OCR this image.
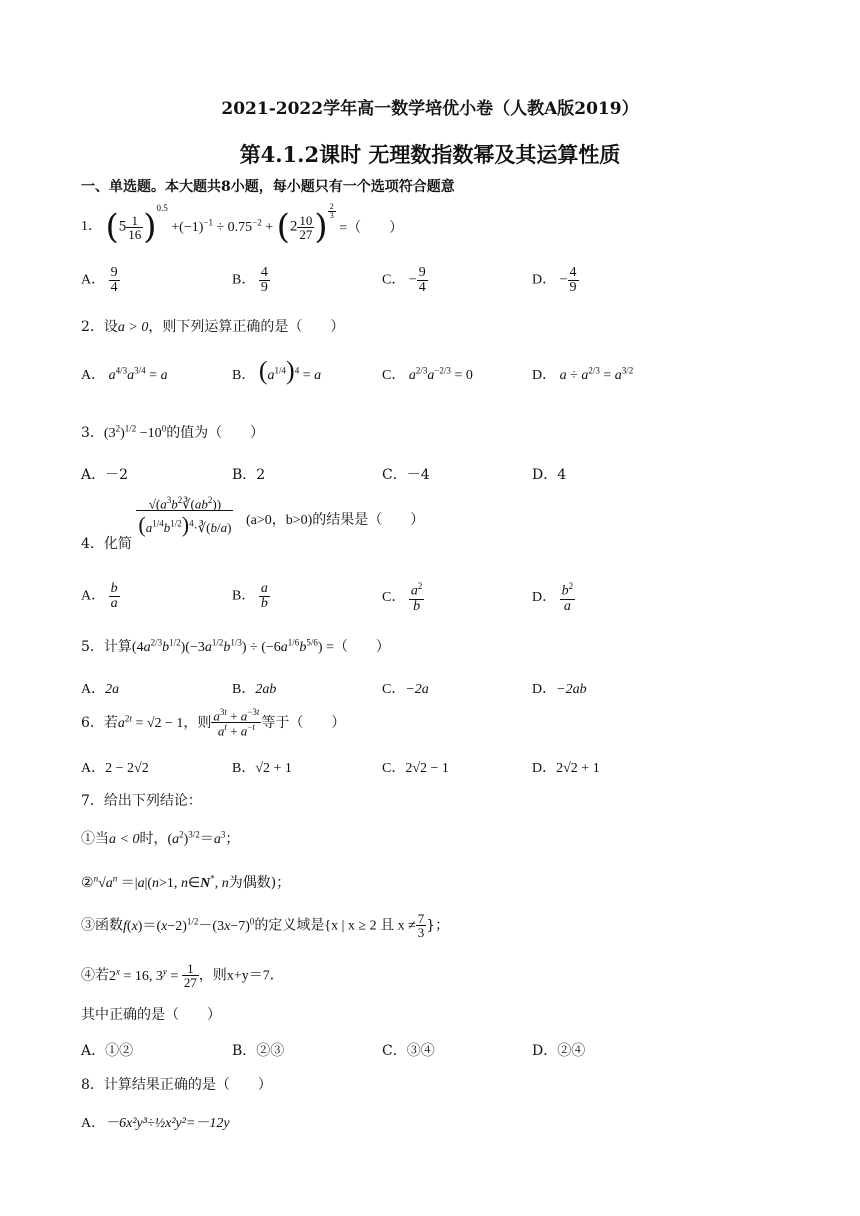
2021-2022学年高一数学培优小卷（人教A版2019）
第4.1.2课时 无理数指数幂及其运算性质
一、单选题。本大题共8小题，每小题只有一个选项符合题意
1． $(5 \frac{1}{16} )^{0.5} +(-1)^{-1} \div 0.75^{-2} + (2 \frac{10}{27}$ ) $\frac{2}{3}$
=（　　）
A． $\frac{9}{4}$	B． $\frac{4}{9}$	C． − $\frac{9}{4}$	D． − $\frac{4}{9}$
2．设a > 0，则下列运算正确的是（　　）
A． $a^{4/3}a^{3/4} = a$	B． $(a^{1/4})^4 = a$	C． $a^{2/3}a^{-2/3} = 0$	D． $a \div a^{2/3} = a^{3/2}$
3．$(3^2)^{1/2} -10^0$的值为（　　）
A．－2	B．2	C．－4	D．4
4．化简
$\frac{√(a^3b^2∛(ab^2))}{(a^{1/4}b^{1/2})^4\cdot∛(b/a)} (a>0$，b>0)的结果是（　　）
A． $\frac{b}{a}$	B． $\frac{a}{b}$	C． $\frac{a^2}{b}$	D． $\frac{b^2}{a}$
5．计算$(4a^{2/3}b^{1/2})(-3a^{1/2}b^{1/3}) \div (-6a^{1/6}b^{5/6})$ =（　　）
A．2a	B．2ab	C．−2a	D．−2ab
6．若$a^{2t} = √2 - 1$，则 $\frac{a^{3t} + a^{-3t}}{a^t + a^{-t}}$ 等于（　　）
A．2 − 2√2	B．√2 + 1	C．2√2 − 1	D．2√2 + 1
7．给出下列结论：
①当a < 0时，$(a^2)^{3/2}=a^3$；
$②^n√a^n =|a|(n>1$, n∈N*, n为偶数)；
③函数$f(x)=(x-2)^{1/2}-(3x-7)^0$的定义域是{x | x ≥ 2 且 $x \ne \frac{7}{3}$ }；
④若$2^x = 16$, $3^y = \frac{1}{27}$ ，则x+y＝7．
其中正确的是（　　）
A．①②	B．②③	C．③④	D．②④
8．计算结果正确的是（　　）
A．－6x²y³÷½x²y²=－12y
